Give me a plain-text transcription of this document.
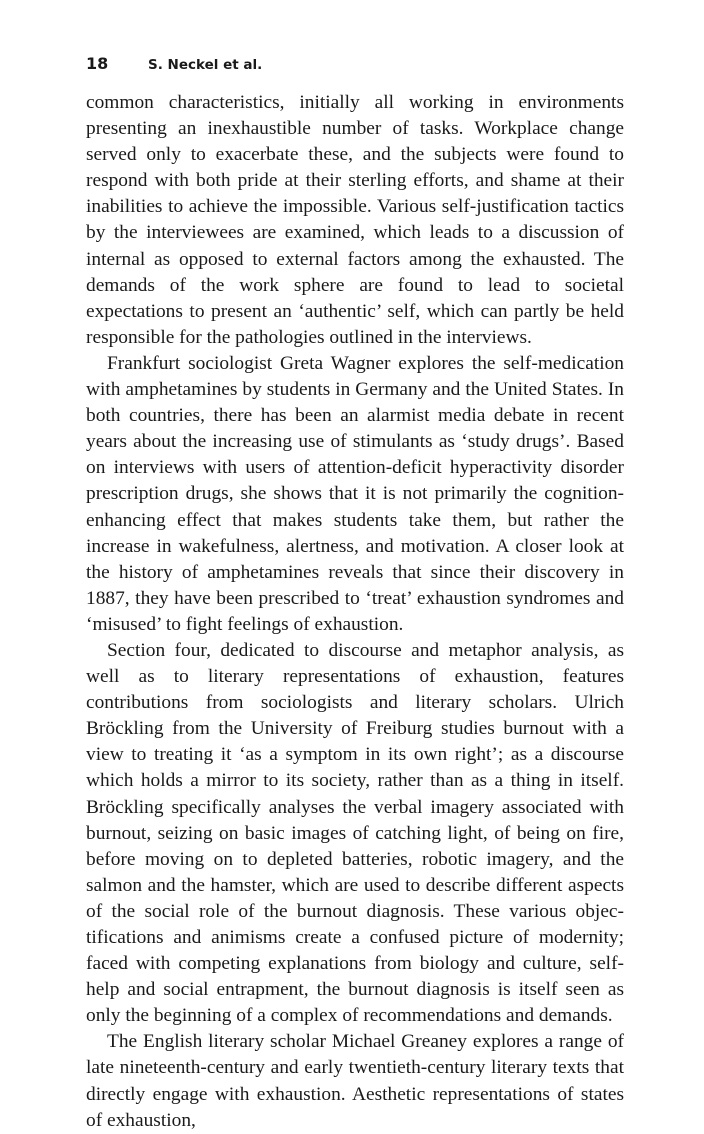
18	S. Neckel et al.

common characteristics, initially all working in environments presenting an inexhaustible number of tasks. Workplace change served only to exacerbate these, and the subjects were found to respond with both pride at their sterling efforts, and shame at their inabilities to achieve the impossible. Various self-justification tactics by the interviewees are examined, which leads to a discussion of internal as opposed to external factors among the exhausted. The demands of the work sphere are found to lead to societal expectations to present an ‘authentic’ self, which can partly be held responsible for the pathologies outlined in the interviews.

Frankfurt sociologist Greta Wagner explores the self-medication with amphetamines by students in Germany and the United States. In both countries, there has been an alarmist media debate in recent years about the increasing use of stimulants as ‘study drugs’. Based on interviews with users of attention-deficit hyperactivity disorder prescription drugs, she shows that it is not primarily the cognition-enhancing effect that makes students take them, but rather the increase in wakefulness, alertness, and motivation. A closer look at the history of amphetamines reveals that since their discovery in 1887, they have been prescribed to ‘treat’ exhaustion syndromes and ‘misused’ to fight feelings of exhaustion.

Section four, dedicated to discourse and metaphor analysis, as well as to literary representations of exhaustion, features contributions from sociologists and literary scholars. Ulrich Bröckling from the University of Freiburg studies burnout with a view to treating it ‘as a symptom in its own right’; as a discourse which holds a mirror to its society, rather than as a thing in itself. Bröckling specifically analyses the verbal imagery associated with burnout, seizing on basic images of catching light, of being on fire, before moving on to depleted batteries, robotic imagery, and the salmon and the hamster, which are used to describe different aspects of the social role of the burnout diagnosis. These various objectifications and animisms create a confused picture of modernity; faced with competing explanations from biology and culture, self-help and social entrapment, the burnout diagnosis is itself seen as only the beginning of a complex of recommendations and demands.

The English literary scholar Michael Greaney explores a range of late nineteenth-century and early twentieth-century literary texts that directly engage with exhaustion. Aesthetic representations of states of exhaustion,
